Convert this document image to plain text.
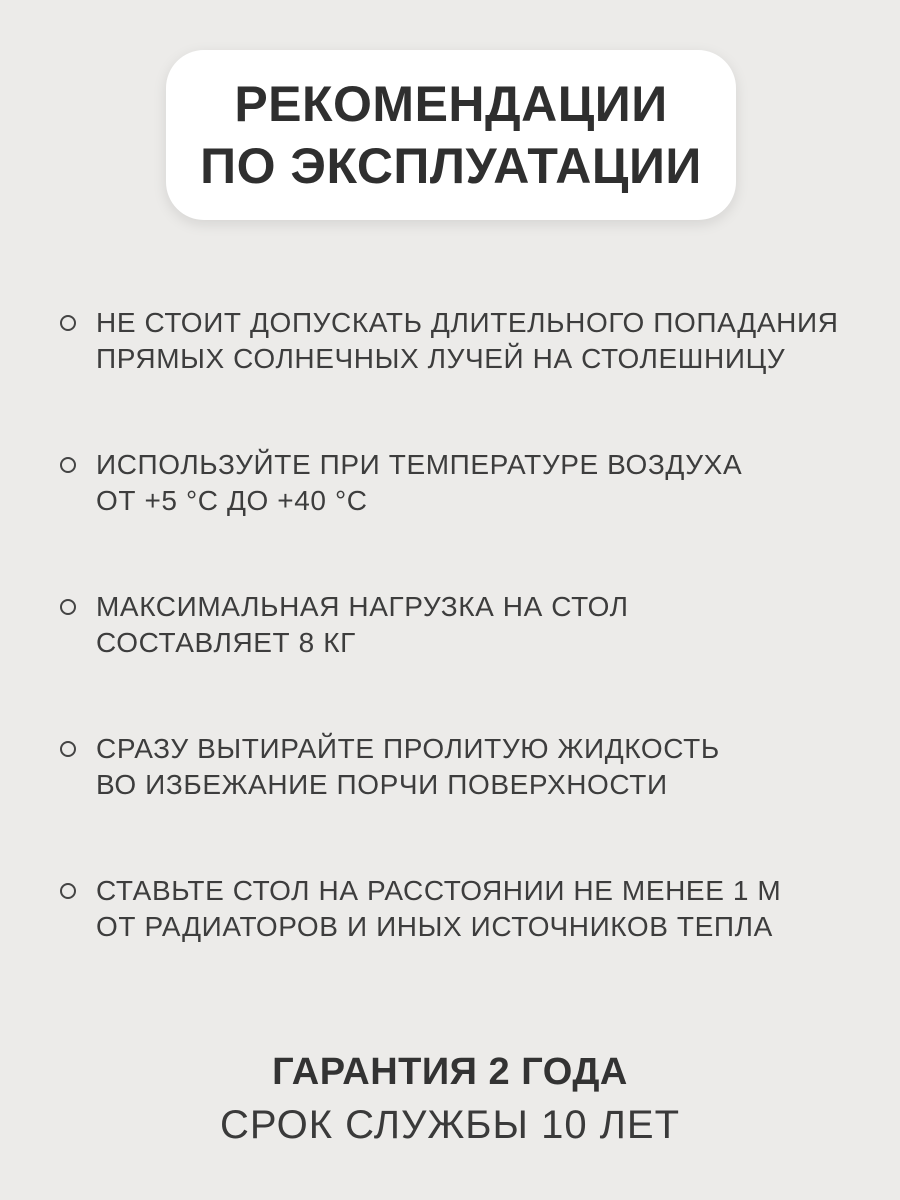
РЕКОМЕНДАЦИИ
ПО ЭКСПЛУАТАЦИИ
НЕ СТОИТ ДОПУСКАТЬ ДЛИТЕЛЬНОГО ПОПАДАНИЯ
ПРЯМЫХ СОЛНЕЧНЫХ ЛУЧЕЙ НА СТОЛЕШНИЦУ
ИСПОЛЬЗУЙТЕ ПРИ ТЕМПЕРАТУРЕ ВОЗДУХА
ОТ +5 °С ДО +40 °С
МАКСИМАЛЬНАЯ НАГРУЗКА НА СТОЛ
СОСТАВЛЯЕТ 8 КГ
СРАЗУ ВЫТИРАЙТЕ ПРОЛИТУЮ ЖИДКОСТЬ
ВО ИЗБЕЖАНИЕ ПОРЧИ ПОВЕРХНОСТИ
СТАВЬТЕ СТОЛ НА РАССТОЯНИИ НЕ МЕНЕЕ 1 М
ОТ РАДИАТОРОВ И ИНЫХ ИСТОЧНИКОВ ТЕПЛА
ГАРАНТИЯ 2 ГОДА
СРОК СЛУЖБЫ 10 ЛЕТ
